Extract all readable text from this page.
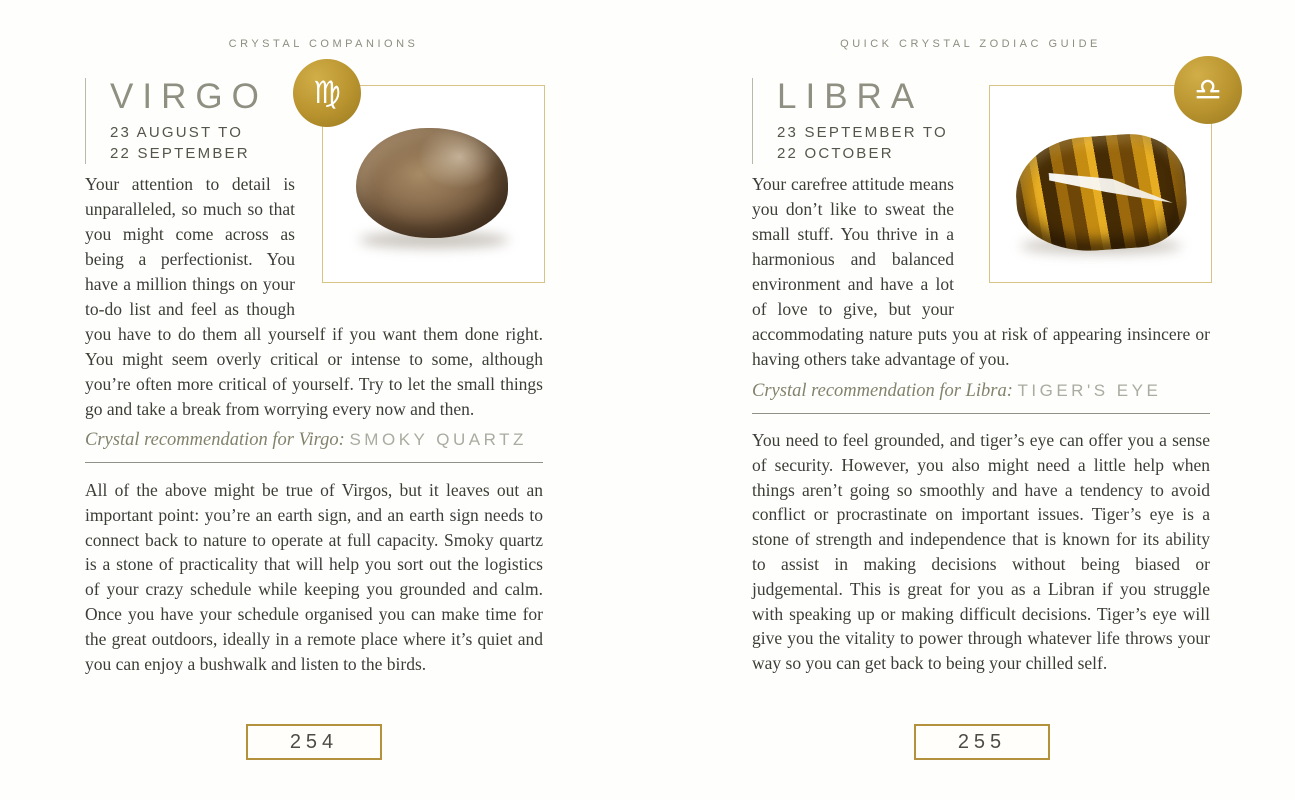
CRYSTAL COMPANIONS
VIRGO
23 AUGUST TO
22 SEPTEMBER
♍
Your attention to detail is unparalleled, so much so that you might come across as being a perfectionist. You have a million things on your to-do list and feel as though you have to do them all yourself if you want them done right. You might seem overly critical or intense to some, although you’re often more critical of yourself. Try to let the small things go and take a break from worrying every now and then.
Crystal recommendation for Virgo: SMOKY QUARTZ
All of the above might be true of Virgos, but it leaves out an important point: you’re an earth sign, and an earth sign needs to connect back to nature to operate at full capacity. Smoky quartz is a stone of practicality that will help you sort out the logistics of your crazy schedule while keeping you grounded and calm. Once you have your schedule organised you can make time for the great outdoors, ideally in a remote place where it’s quiet and you can enjoy a bushwalk and listen to the birds.
254
QUICK CRYSTAL ZODIAC GUIDE
LIBRA
23 SEPTEMBER TO
22 OCTOBER
♎
Your carefree attitude means you don’t like to sweat the small stuff. You thrive in a harmonious and balanced environment and have a lot of love to give, but your accommodating nature puts you at risk of appearing insincere or having others take advantage of you.
Crystal recommendation for Libra: TIGER'S EYE
You need to feel grounded, and tiger’s eye can offer you a sense of security. However, you also might need a little help when things aren’t going so smoothly and have a tendency to avoid conflict or procrastinate on important issues. Tiger’s eye is a stone of strength and independence that is known for its ability to assist in making decisions without being biased or judgemental. This is great for you as a Libran if you struggle with speaking up or making difficult decisions. Tiger’s eye will give you the vitality to power through whatever life throws your way so you can get back to being your chilled self.
255
